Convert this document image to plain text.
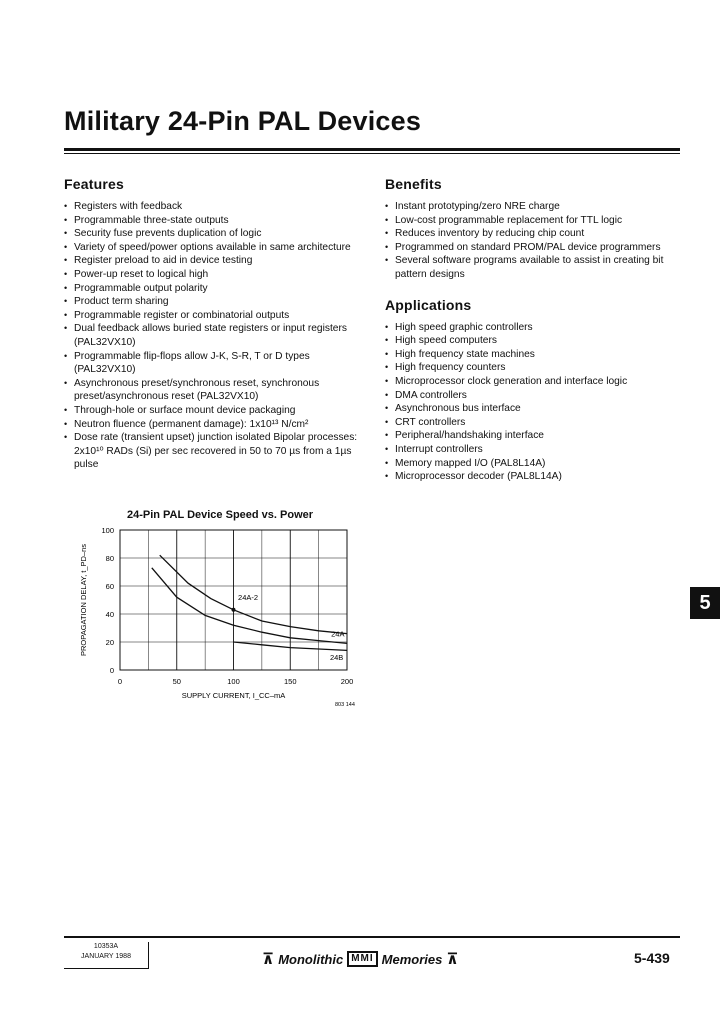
Military 24-Pin PAL Devices
Features
• Registers with feedback
• Programmable three-state outputs
• Security fuse prevents duplication of logic
• Variety of speed/power options available in same architecture
• Register preload to aid in device testing
• Power-up reset to logical high
• Programmable output polarity
• Product term sharing
• Programmable register or combinatorial outputs
• Dual feedback allows buried state registers or input registers (PAL32VX10)
• Programmable flip-flops allow J-K, S-R, T or D types (PAL32VX10)
• Asynchronous preset/synchronous reset, synchronous preset/asynchronous reset (PAL32VX10)
• Through-hole or surface mount device packaging
• Neutron fluence (permanent damage): 1x10¹³ N/cm²
• Dose rate (transient upset) junction isolated Bipolar processes: 2x10¹⁰ RADs (Si) per sec recovered in 50 to 70 µs from a 1µs pulse
Benefits
• Instant prototyping/zero NRE charge
• Low-cost programmable replacement for TTL logic
• Reduces inventory by reducing chip count
• Programmed on standard PROM/PAL device programmers
• Several software programs available to assist in creating bit pattern designs
Applications
• High speed graphic controllers
• High speed computers
• High frequency state machines
• High frequency counters
• Microprocessor clock generation and interface logic
• DMA controllers
• Asynchronous bus interface
• CRT controllers
• Peripheral/handshaking interface
• Interrupt controllers
• Memory mapped I/O (PAL8L14A)
• Microprocessor decoder (PAL8L14A)
24-Pin PAL Device Speed vs. Power
0
20
40
60
80
100
0	50	100	150	200
SUPPLY CURRENT, I_CC–mA
PROPAGATION DELAY, t_PD–ns	24A-2
24A
24B
803 144
5
10353A
JANUARY 1988	⊼ Monolithic MMI Memories ⊼	5-439
